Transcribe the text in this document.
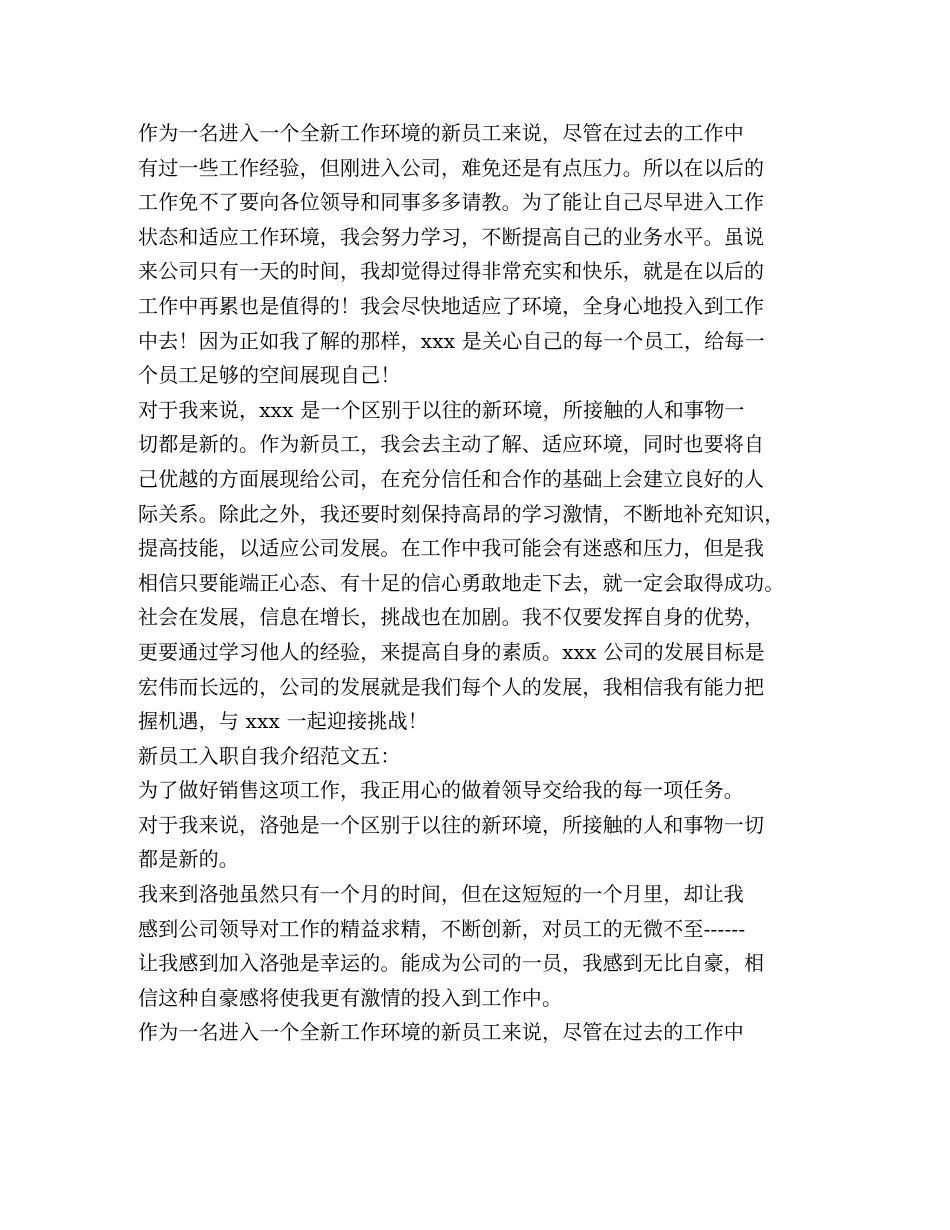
作为一名进入一个全新工作环境的新员工来说，尽管在过去的工作中
有过一些工作经验，但刚进入公司，难免还是有点压力。所以在以后的
工作免不了要向各位领导和同事多多请教。为了能让自己尽早进入工作
状态和适应工作环境，我会努力学习，不断提高自己的业务水平。虽说
来公司只有一天的时间，我却觉得过得非常充实和快乐，就是在以后的
工作中再累也是值得的！我会尽快地适应了环境，全身心地投入到工作
中去！因为正如我了解的那样，xxx 是关心自己的每一个员工，给每一
个员工足够的空间展现自己！
对于我来说，xxx 是一个区别于以往的新环境，所接触的人和事物一
切都是新的。作为新员工，我会去主动了解、适应环境，同时也要将自
己优越的方面展现给公司，在充分信任和合作的基础上会建立良好的人
际关系。除此之外，我还要时刻保持高昂的学习激情，不断地补充知识，
提高技能，以适应公司发展。在工作中我可能会有迷惑和压力，但是我
相信只要能端正心态、有十足的信心勇敢地走下去，就一定会取得成功。
社会在发展，信息在增长，挑战也在加剧。我不仅要发挥自身的优势，
更要通过学习他人的经验，来提高自身的素质。xxx 公司的发展目标是
宏伟而长远的，公司的发展就是我们每个人的发展，我相信我有能力把
握机遇，与 xxx 一起迎接挑战！
新员工入职自我介绍范文五：
为了做好销售这项工作，我正用心的做着领导交给我的每一项任务。
对于我来说，洛弛是一个区别于以往的新环境，所接触的人和事物一切
都是新的。
我来到洛弛虽然只有一个月的时间，但在这短短的一个月里，却让我
感到公司领导对工作的精益求精，不断创新，对员工的无微不至------
让我感到加入洛弛是幸运的。能成为公司的一员，我感到无比自豪，相
信这种自豪感将使我更有激情的投入到工作中。
作为一名进入一个全新工作环境的新员工来说，尽管在过去的工作中
